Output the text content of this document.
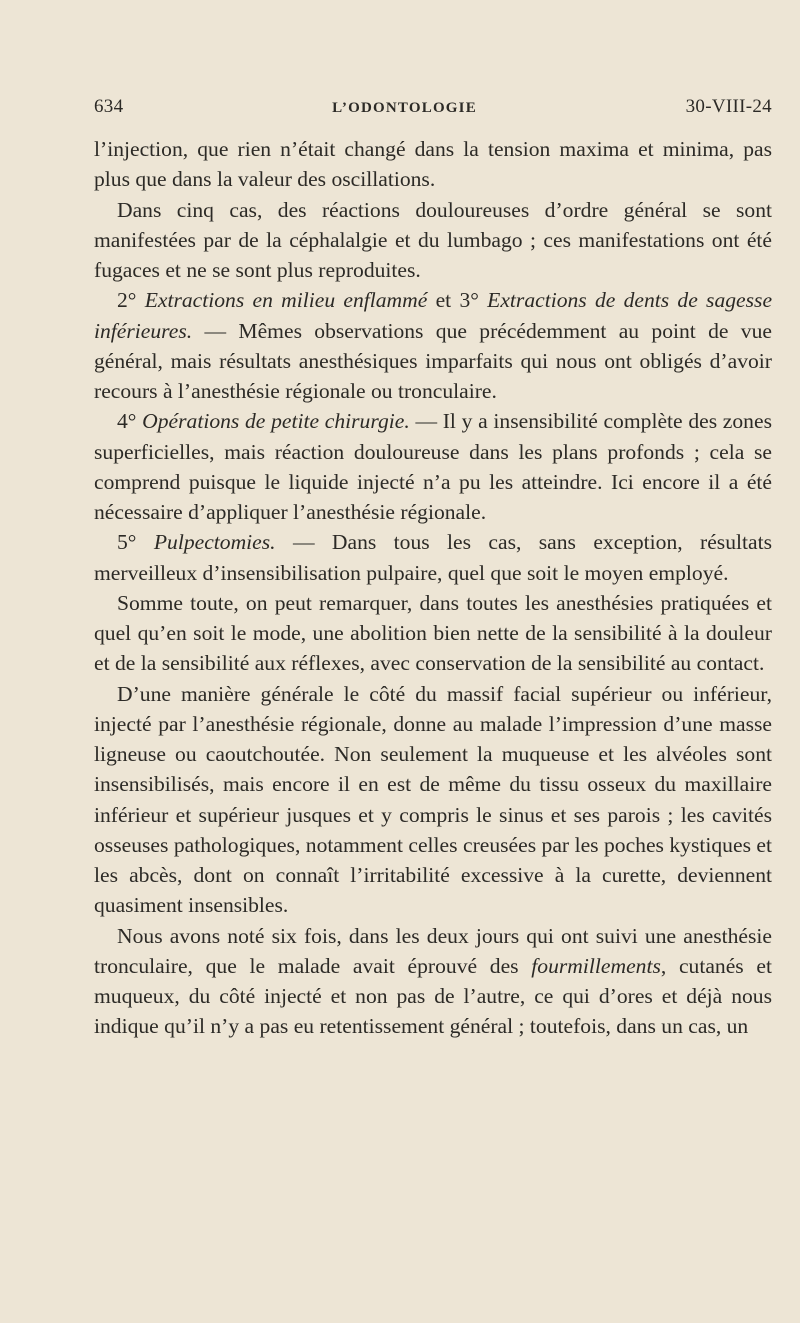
634	L’ODONTOLOGIE	30-VIII-24

l’injection, que rien n’était changé dans la tension maxima et minima, pas plus que dans la valeur des oscillations.

Dans cinq cas, des réactions douloureuses d’ordre général se sont manifestées par de la céphalalgie et du lumbago ; ces manifestations ont été fugaces et ne se sont plus reproduites.

2° Extractions en milieu enflammé et 3° Extractions de dents de sagesse inférieures. — Mêmes observations que précédemment au point de vue général, mais résultats anesthésiques imparfaits qui nous ont obligés d’avoir recours à l’anesthésie régionale ou tronculaire.

4° Opérations de petite chirurgie. — Il y a insensibilité complète des zones superficielles, mais réaction douloureuse dans les plans profonds ; cela se comprend puisque le liquide injecté n’a pu les atteindre. Ici encore il a été nécessaire d’appliquer l’anesthésie régionale.

5° Pulpectomies. — Dans tous les cas, sans exception, résultats merveilleux d’insensibilisation pulpaire, quel que soit le moyen employé.

Somme toute, on peut remarquer, dans toutes les anesthésies pratiquées et quel qu’en soit le mode, une abolition bien nette de la sensibilité à la douleur et de la sensibilité aux réflexes, avec conservation de la sensibilité au contact.

D’une manière générale le côté du massif facial supérieur ou inférieur, injecté par l’anesthésie régionale, donne au malade l’impression d’une masse ligneuse ou caoutchoutée. Non seulement la muqueuse et les alvéoles sont insensibilisés, mais encore il en est de même du tissu osseux du maxillaire inférieur et supérieur jusques et y compris le sinus et ses parois ; les cavités osseuses pathologiques, notamment celles creusées par les poches kystiques et les abcès, dont on connaît l’irritabilité excessive à la curette, deviennent quasiment insensibles.

Nous avons noté six fois, dans les deux jours qui ont suivi une anesthésie tronculaire, que le malade avait éprouvé des fourmillements, cutanés et muqueux, du côté injecté et non pas de l’autre, ce qui d’ores et déjà nous indique qu’il n’y a pas eu retentissement général ; toutefois, dans un cas, un
